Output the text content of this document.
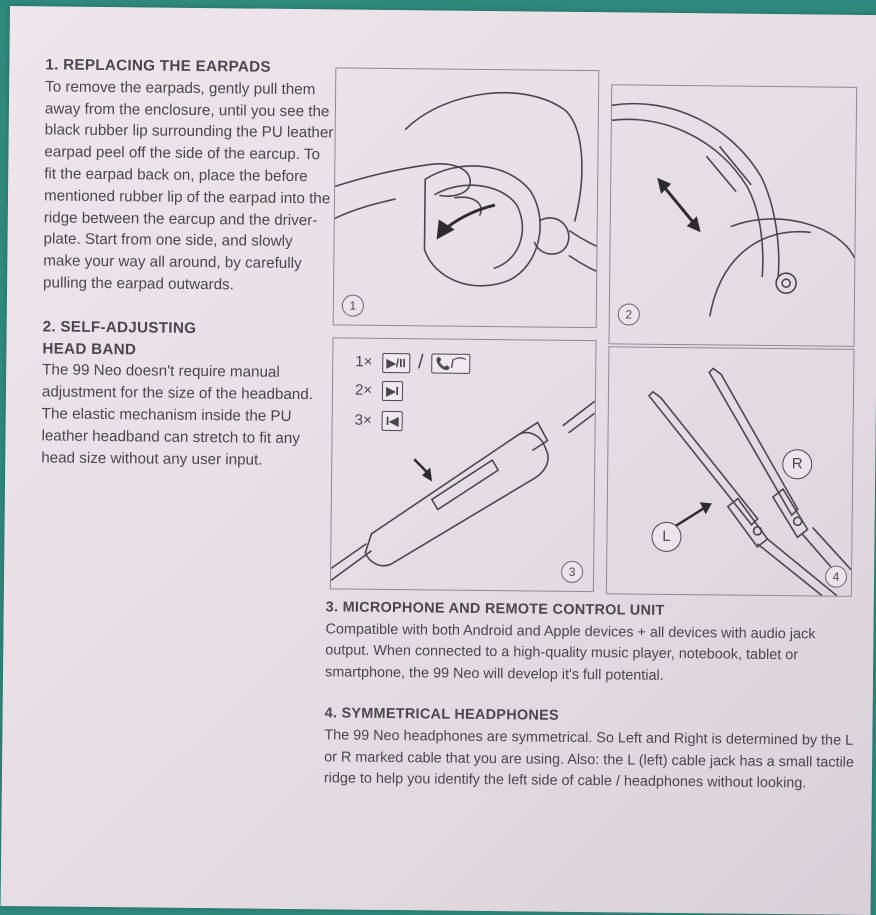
1. REPLACING THE EARPADS

To remove the earpads, gently pull them away from the enclosure, until you see the black rubber lip surrounding the PU leather earpad peel off the side of the earcup. To fit the earpad back on, place the before mentioned rubber lip of the earpad into the ridge between the earcup and the driver-plate. Start from one side, and slowly make your way all around, by carefully pulling the earpad outwards.

2. SELF-ADJUSTING
HEAD BAND

The 99 Neo doesn't require manual adjustment for the size of the headband. The elastic mechanism inside the PU leather headband can stretch to fit any head size without any user input.

1
2
1× ▶/II / 📞/⌒
2× ▶I
3× I◀
3
R
L
4
3. MICROPHONE AND REMOTE CONTROL UNIT

Compatible with both Android and Apple devices + all devices with audio jack output. When connected to a high-quality music player, notebook, tablet or smartphone, the 99 Neo will develop it's full potential.

4. SYMMETRICAL HEADPHONES

The 99 Neo headphones are symmetrical. So Left and Right is determined by the L or R marked cable that you are using. Also: the L (left) cable jack has a small tactile ridge to help you identify the left side of cable / headphones without looking.
